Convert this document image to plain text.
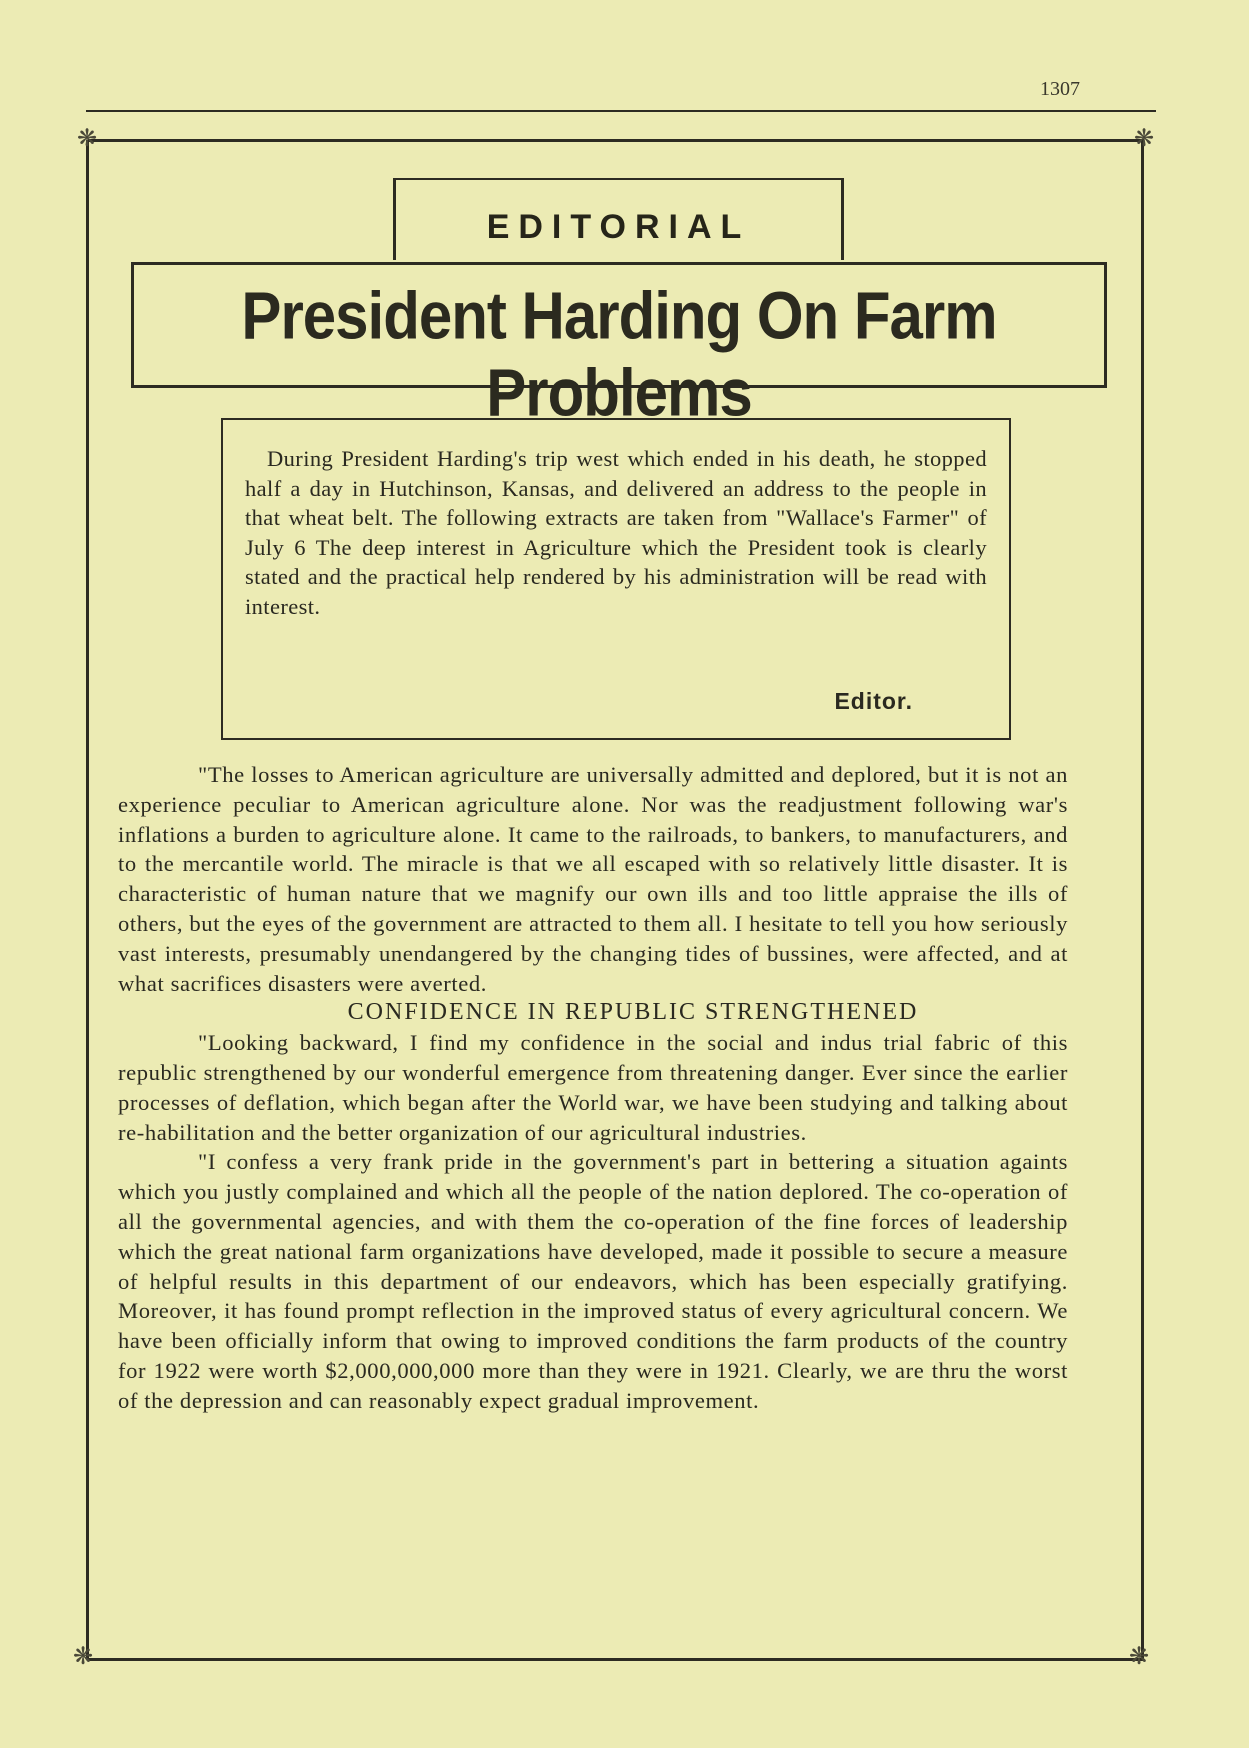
1307
❋	❋
❋	❋
EDITORIAL
President Harding On Farm Problems
During President Harding's trip west which ended in his death, he stopped half a day in Hutchinson, Kansas, and delivered an address to the people in that wheat belt. The following extracts are taken from "Wallace's Farmer" of July 6 The deep interest in Agriculture which the President took is clearly stated and the practical help rendered by his administration will be read with interest.
Editor.

"The losses to American agriculture are universally admitted and deplored, but it is not an experience peculiar to American agriculture alone. Nor was the readjustment following war's inflations a burden to agriculture alone. It came to the railroads, to bankers, to manufacturers, and to the mercantile world. The miracle is that we all escaped with so relatively little disaster. It is characteristic of human nature that we magnify our own ills and too little appraise the ills of others, but the eyes of the government are attracted to them all. I hesitate to tell you how seriously vast interests, presumably unendangered by the changing tides of bussines, were affected, and at what sacrifices disasters were averted.

CONFIDENCE IN REPUBLIC STRENGTHENED

"Looking backward, I find my confidence in the social and indus trial fabric of this republic strengthened by our wonderful emergence from threatening danger. Ever since the earlier processes of deflation, which began after the World war, we have been studying and talking about re-habilitation and the better organization of our agricultural industries.

"I confess a very frank pride in the government's part in bettering a situation againts which you justly complained and which all the people of the nation deplored. The co-operation of all the governmental agencies, and with them the co-operation of the fine forces of leadership which the great national farm organizations have developed, made it possible to secure a measure of helpful results in this department of our endeavors, which has been especially gratifying. Moreover, it has found prompt reflection in the improved status of every agricultural concern. We have been officially inform that owing to improved conditions the farm products of the country for 1922 were worth $2,000,000,000 more than they were in 1921. Clearly, we are thru the worst of the depression and can reasonably expect gradual improvement.
